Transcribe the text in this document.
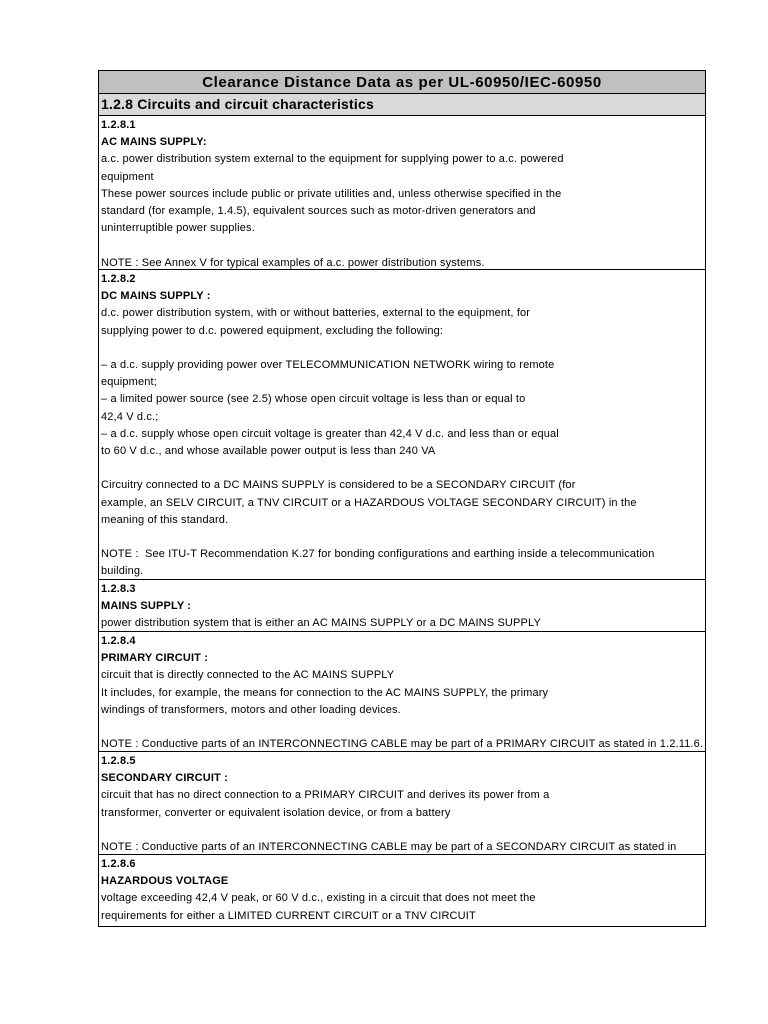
Clearance Distance Data as per UL-60950/IEC-60950
1.2.8 Circuits and circuit characteristics
1.2.8.1
AC MAINS SUPPLY:
a.c. power distribution system external to the equipment for supplying power to a.c. powered
equipment
These power sources include public or private utilities and, unless otherwise specified in the
standard (for example, 1.4.5), equivalent sources such as motor-driven generators and
uninterruptible power supplies.
NOTE : See Annex V for typical examples of a.c. power distribution systems.
1.2.8.2
DC MAINS SUPPLY :
d.c. power distribution system, with or without batteries, external to the equipment, for
supplying power to d.c. powered equipment, excluding the following:
– a d.c. supply providing power over TELECOMMUNICATION NETWORK wiring to remote
equipment;
– a limited power source (see 2.5) whose open circuit voltage is less than or equal to
42,4 V d.c.;
– a d.c. supply whose open circuit voltage is greater than 42,4 V d.c. and less than or equal
to 60 V d.c., and whose available power output is less than 240 VA
Circuitry connected to a DC MAINS SUPPLY is considered to be a SECONDARY CIRCUIT (for
example, an SELV CIRCUIT, a TNV CIRCUIT or a HAZARDOUS VOLTAGE SECONDARY CIRCUIT) in the
meaning of this standard.
NOTE :  See ITU-T Recommendation K.27 for bonding configurations and earthing inside a telecommunication
building.
1.2.8.3
MAINS SUPPLY :
power distribution system that is either an AC MAINS SUPPLY or a DC MAINS SUPPLY
1.2.8.4
PRIMARY CIRCUIT :
circuit that is directly connected to the AC MAINS SUPPLY
It includes, for example, the means for connection to the AC MAINS SUPPLY, the primary
windings of transformers, motors and other loading devices.
NOTE : Conductive parts of an INTERCONNECTING CABLE may be part of a PRIMARY CIRCUIT as stated in 1.2.11.6.
1.2.8.5
SECONDARY CIRCUIT :
circuit that has no direct connection to a PRIMARY CIRCUIT and derives its power from a
transformer, converter or equivalent isolation device, or from a battery
NOTE : Conductive parts of an INTERCONNECTING CABLE may be part of a SECONDARY CIRCUIT as stated in
1.2.8.6
HAZARDOUS VOLTAGE
voltage exceeding 42,4 V peak, or 60 V d.c., existing in a circuit that does not meet the
requirements for either a LIMITED CURRENT CIRCUIT or a TNV CIRCUIT
